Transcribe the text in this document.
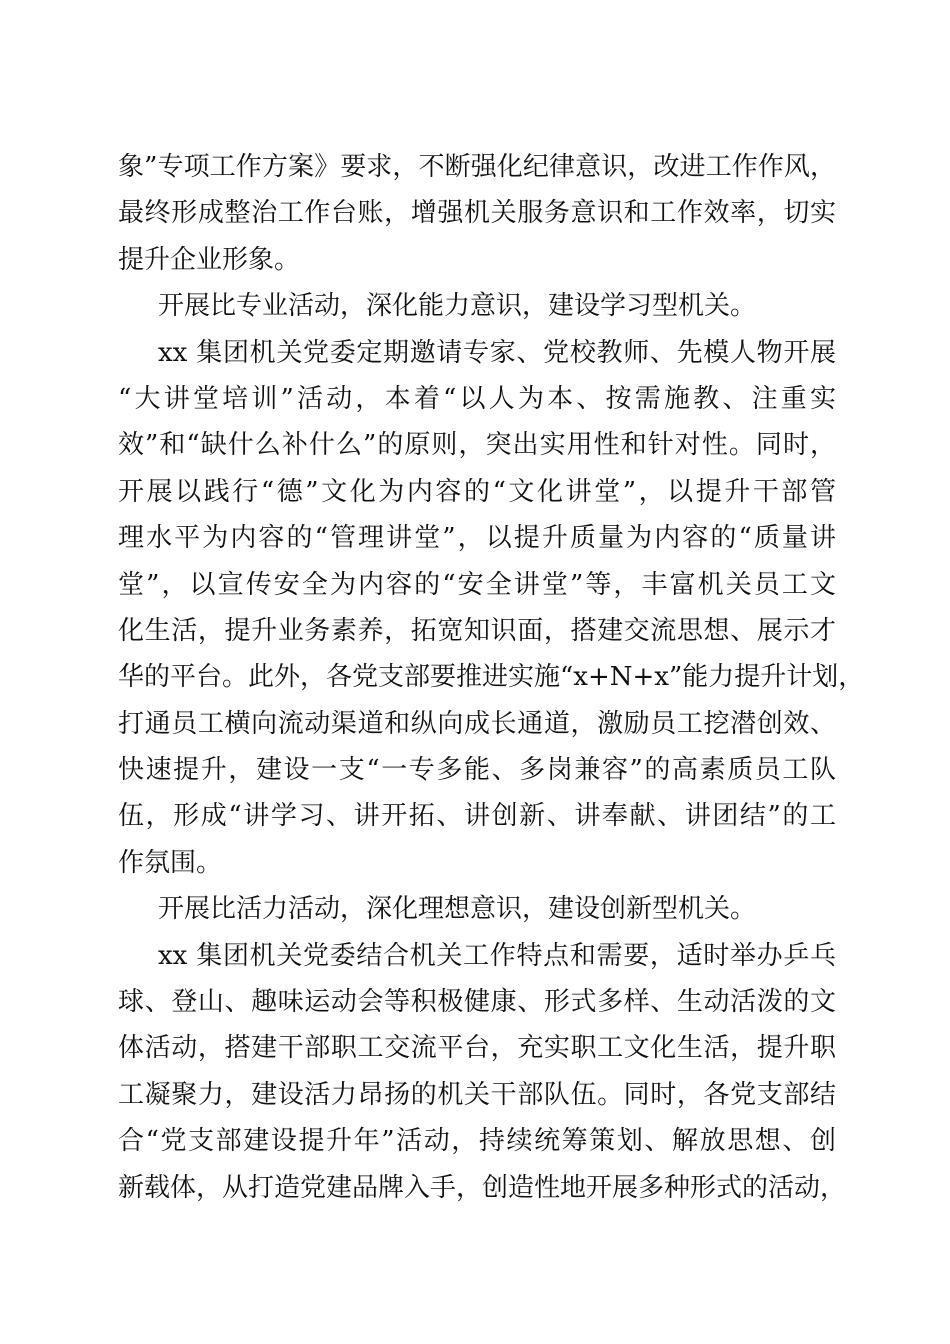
象”专项工作方案》要求，不断强化纪律意识，改进工作作风，
最终形成整治工作台账，增强机关服务意识和工作效率，切实
提升企业形象。
开展比专业活动，深化能力意识，建设学习型机关。
xx 集团机关党委定期邀请专家、党校教师、先模人物开展
“大讲堂培训”活动，本着“以人为本、按需施教、注重实
效”和“缺什么补什么”的原则，突出实用性和针对性。同时，
开展以践行“德”文化为内容的“文化讲堂”，以提升干部管
理水平为内容的“管理讲堂”，以提升质量为内容的“质量讲
堂”，以宣传安全为内容的“安全讲堂”等，丰富机关员工文
化生活，提升业务素养，拓宽知识面，搭建交流思想、展示才
华的平台。此外，各党支部要推进实施“x+N+x”能力提升计划，
打通员工横向流动渠道和纵向成长通道，激励员工挖潜创效、
快速提升，建设一支“一专多能、多岗兼容”的高素质员工队
伍，形成“讲学习、讲开拓、讲创新、讲奉献、讲团结”的工
作氛围。
开展比活力活动，深化理想意识，建设创新型机关。
xx 集团机关党委结合机关工作特点和需要，适时举办乒乓
球、登山、趣味运动会等积极健康、形式多样、生动活泼的文
体活动，搭建干部职工交流平台，充实职工文化生活，提升职
工凝聚力，建设活力昂扬的机关干部队伍。同时，各党支部结
合“党支部建设提升年”活动，持续统筹策划、解放思想、创
新载体，从打造党建品牌入手，创造性地开展多种形式的活动，
